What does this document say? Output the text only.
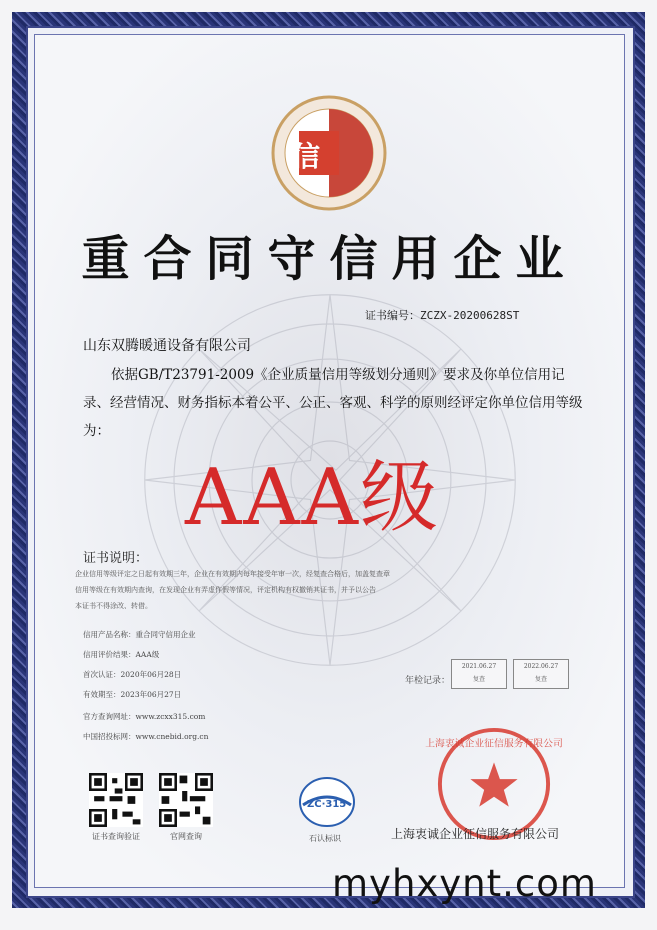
信
重合同守信用企业
证书编号：ZCZX-20200628ST
山东双腾暖通设备有限公司
依据GB/T23791-2009《企业质量信用等级划分通则》要求及你单位信用记录、经营情况、财务指标本着公平、公正、客观、科学的原则经评定你单位信用等级为：
AAA级
证书说明：
企业信用等级评定之日起有效期三年，企业在有效期内每年接受年审一次，经复查合格后，加盖复查章
信用等级在有效期内查询，在发现企业有弄虚作假等情况，评定机构有权撤销其证书，并予以公告
本证书不得涂改、转借。
信用产品名称：重合同守信用企业
信用评价结果：AAA级
首次认证：2020年06月28日
有效期至：2023年06月27日
官方查询网址：www.zcxx315.com
中国招投标网：www.cnebid.org.cn
年检记录：
2021.06.27
复查
2022.06.27
复查
证书查询验证	官网查询
ZC·315
石认标识
上海衷诚企业征信服务有限公司
上海衷诚企业征信服务有限公司
myhxynt.com
